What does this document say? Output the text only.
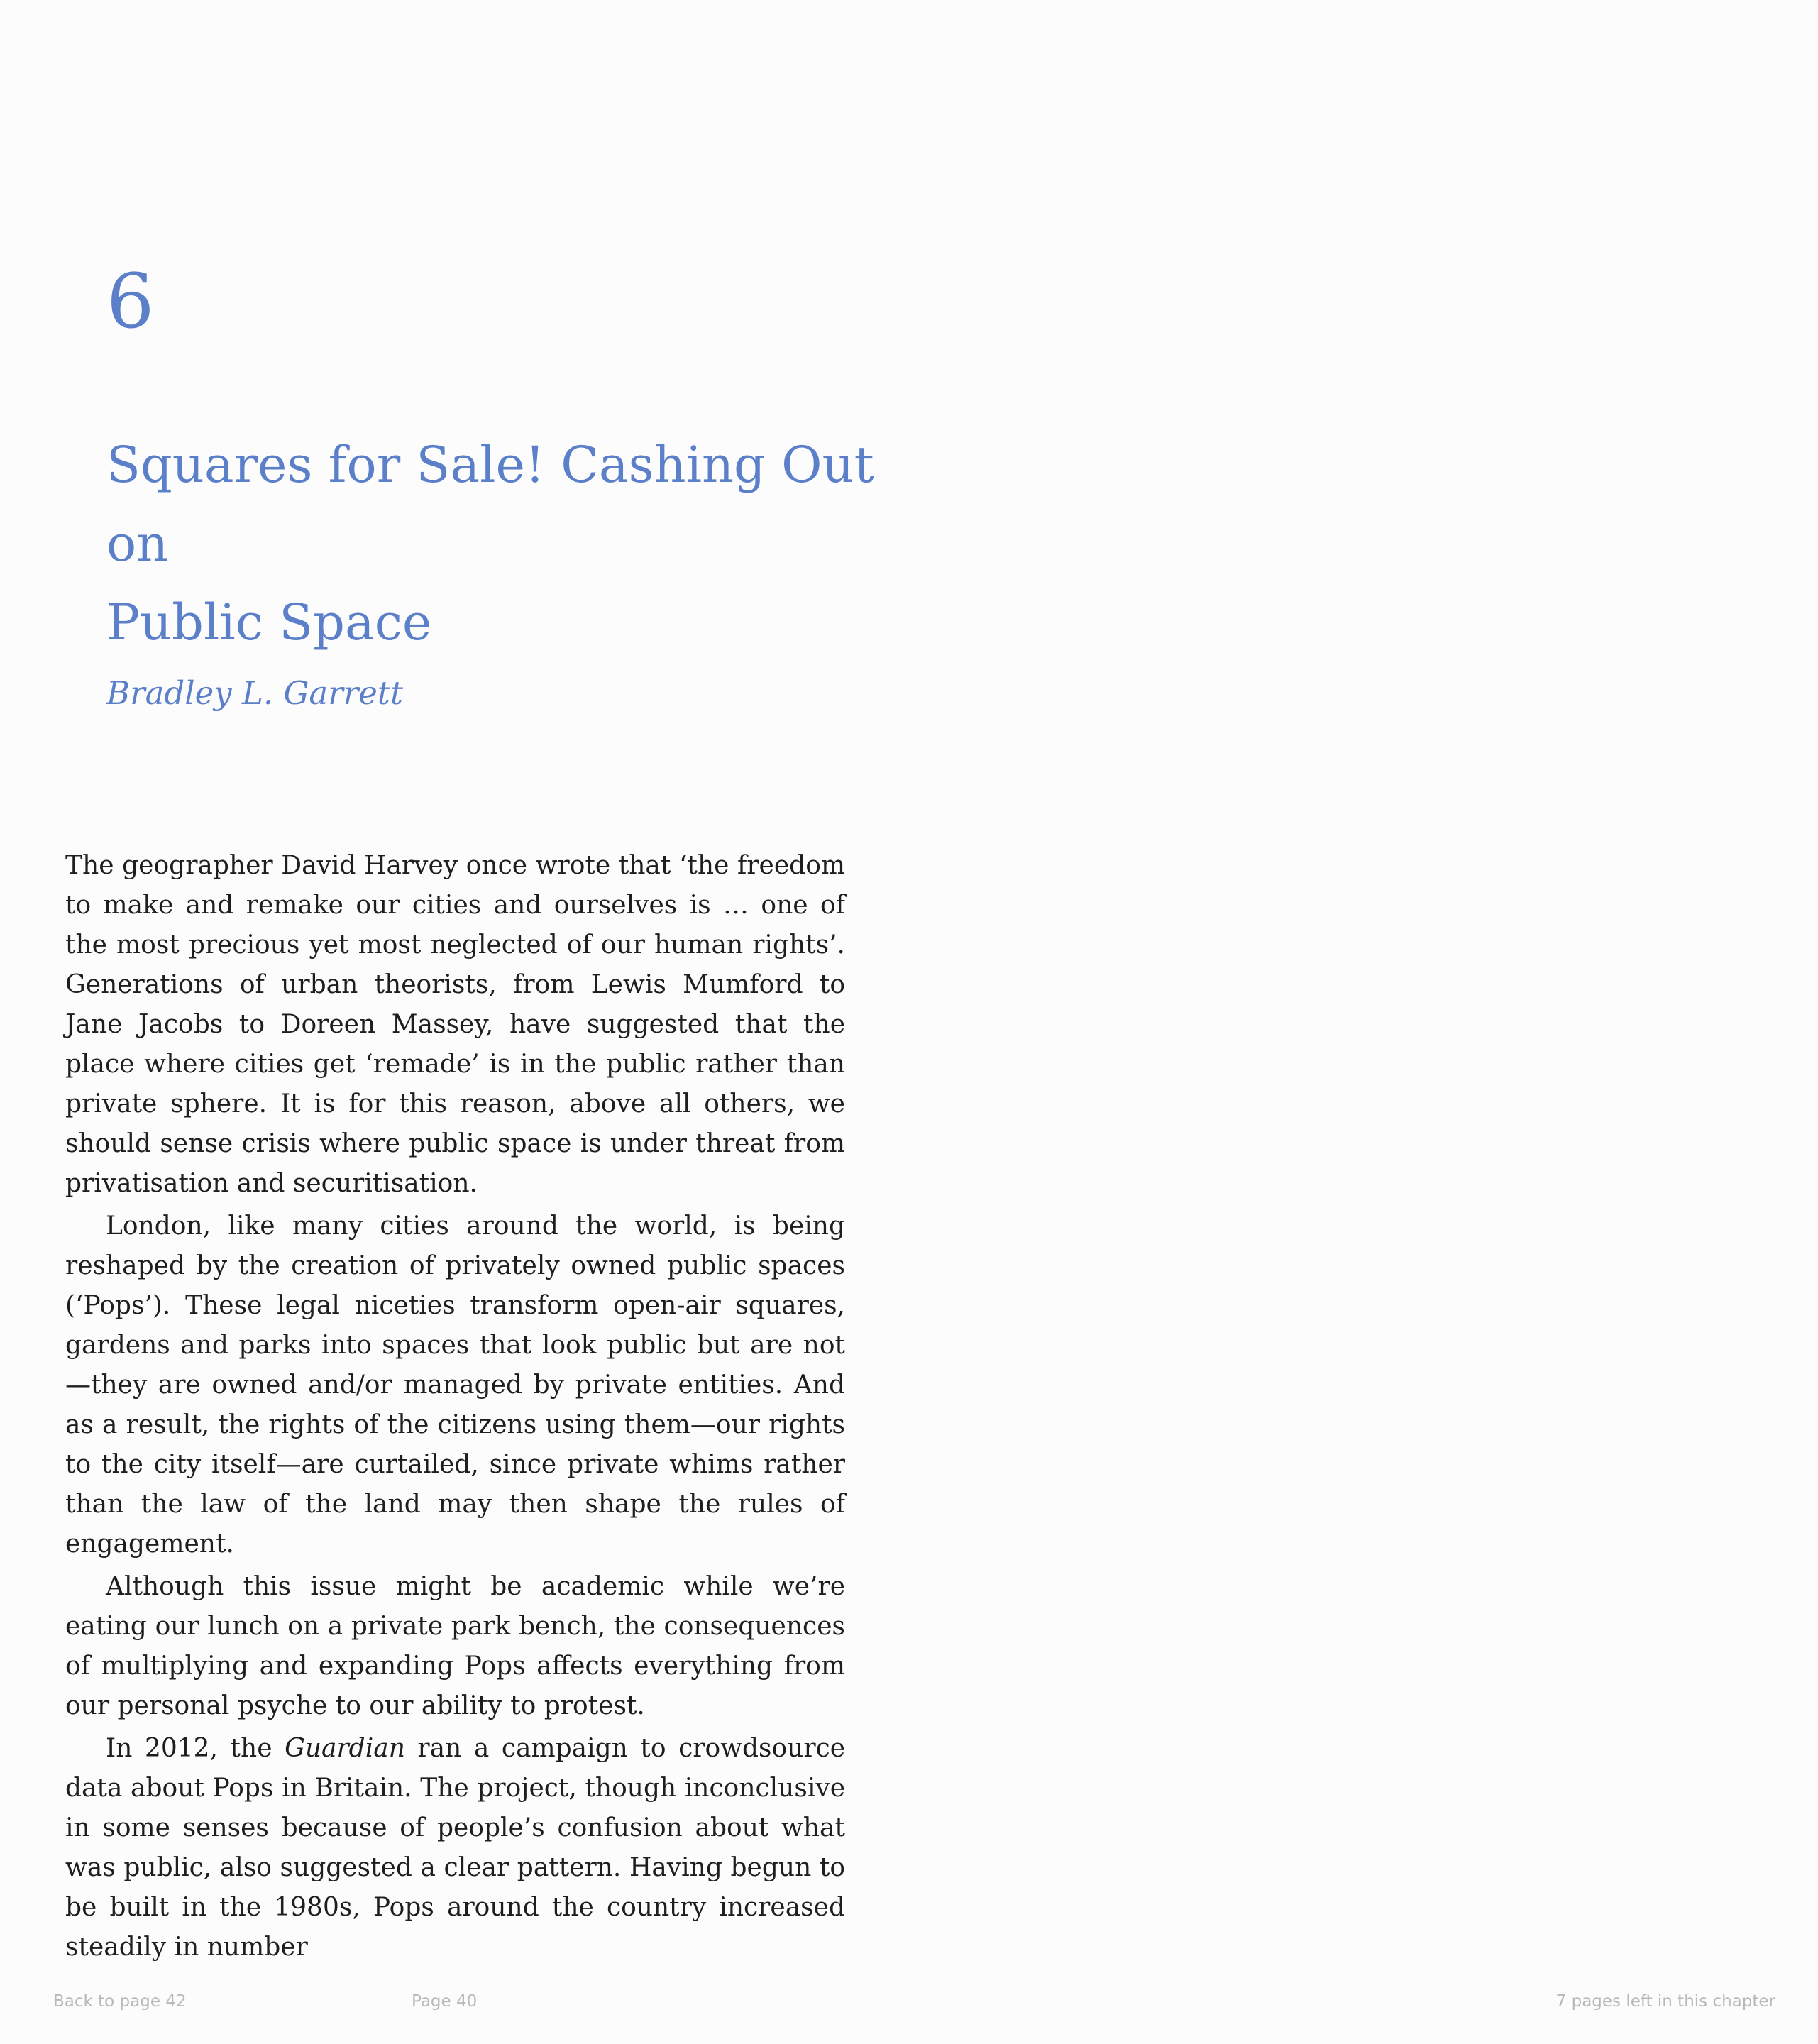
6
Squares for Sale! Cashing Out
on
Public Space
Bradley L. Garrett

The geographer David Harvey once wrote that ‘the freedom to make and remake our cities and ourselves is … one of the most precious yet most neglected of our human rights’. Generations of urban theorists, from Lewis Mumford to Jane Jacobs to Doreen Massey, have suggested that the place where cities get ‘remade’ is in the public rather than private sphere. It is for this reason, above all others, we should sense crisis where public space is under threat from privatisation and securitisation.

London, like many cities around the world, is being reshaped by the creation of privately owned public spaces (‘Pops’). These legal niceties transform open-air squares, gardens and parks into spaces that look public but are not—they are owned and/or managed by private entities. And as a result, the rights of the citizens using them—our rights to the city itself—are curtailed, since private whims rather than the law of the land may then shape the rules of engagement.

Although this issue might be academic while we’re eating our lunch on a private park bench, the consequences of multiplying and expanding Pops affects everything from our personal psyche to our ability to protest.

In 2012, the Guardian ran a campaign to crowdsource data about Pops in Britain. The project, though inconclusive in some senses because of people’s confusion about what was public, also suggested a clear pattern. Having begun to be built in the 1980s, Pops around the country increased steadily in number

Back to page 42	Page 40	7 pages left in this chapter
